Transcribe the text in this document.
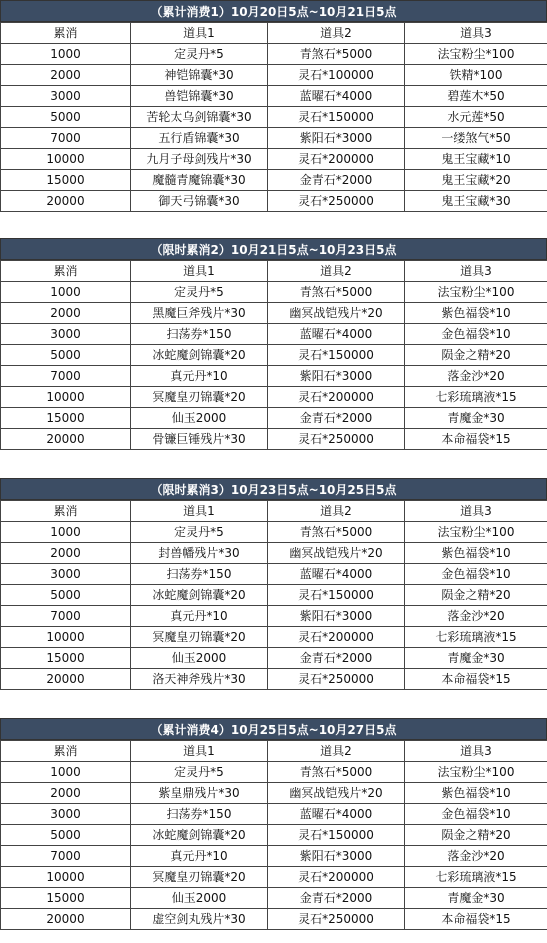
（累计消费1）10月20日5点~10月21日5点
累消	道具1	道具2	道具3
1000	定灵丹*5	青煞石*5000	法宝粉尘*100
2000	神铠锦囊*30	灵石*100000	铁精*100
3000	兽铠锦囊*30	蓝曜石*4000	碧莲木*50
5000	苦轮太乌剑锦囊*30	灵石*150000	水元莲*50
7000	五行盾锦囊*30	紫阳石*3000	一缕煞气*50
10000	九月子母剑残片*30	灵石*200000	鬼王宝藏*10
15000	魔髓青魔锦囊*30	金青石*2000	鬼王宝藏*20
20000	御天弓锦囊*30	灵石*250000	鬼王宝藏*30
（限时累消2）10月21日5点~10月23日5点
累消	道具1	道具2	道具3
1000	定灵丹*5	青煞石*5000	法宝粉尘*100
2000	黑魔巨斧残片*30	幽冥战铠残片*20	紫色福袋*10
3000	扫荡券*150	蓝曜石*4000	金色福袋*10
5000	冰蛇魔剑锦囊*20	灵石*150000	陨金之精*20
7000	真元丹*10	紫阳石*3000	落金沙*20
10000	冥魔皇刃锦囊*20	灵石*200000	七彩琉璃液*15
15000	仙玉2000	金青石*2000	青魔金*30
20000	骨镰巨锤残片*30	灵石*250000	本命福袋*15
（限时累消3）10月23日5点~10月25日5点
累消	道具1	道具2	道具3
1000	定灵丹*5	青煞石*5000	法宝粉尘*100
2000	封兽幡残片*30	幽冥战铠残片*20	紫色福袋*10
3000	扫荡券*150	蓝曜石*4000	金色福袋*10
5000	冰蛇魔剑锦囊*20	灵石*150000	陨金之精*20
7000	真元丹*10	紫阳石*3000	落金沙*20
10000	冥魔皇刃锦囊*20	灵石*200000	七彩琉璃液*15
15000	仙玉2000	金青石*2000	青魔金*30
20000	洛天神斧残片*30	灵石*250000	本命福袋*15
（累计消费4）10月25日5点~10月27日5点
累消	道具1	道具2	道具3
1000	定灵丹*5	青煞石*5000	法宝粉尘*100
2000	紫皇鼎残片*30	幽冥战铠残片*20	紫色福袋*10
3000	扫荡券*150	蓝曜石*4000	金色福袋*10
5000	冰蛇魔剑锦囊*20	灵石*150000	陨金之精*20
7000	真元丹*10	紫阳石*3000	落金沙*20
10000	冥魔皇刃锦囊*20	灵石*200000	七彩琉璃液*15
15000	仙玉2000	金青石*2000	青魔金*30
20000	虚空剑丸残片*30	灵石*250000	本命福袋*15
